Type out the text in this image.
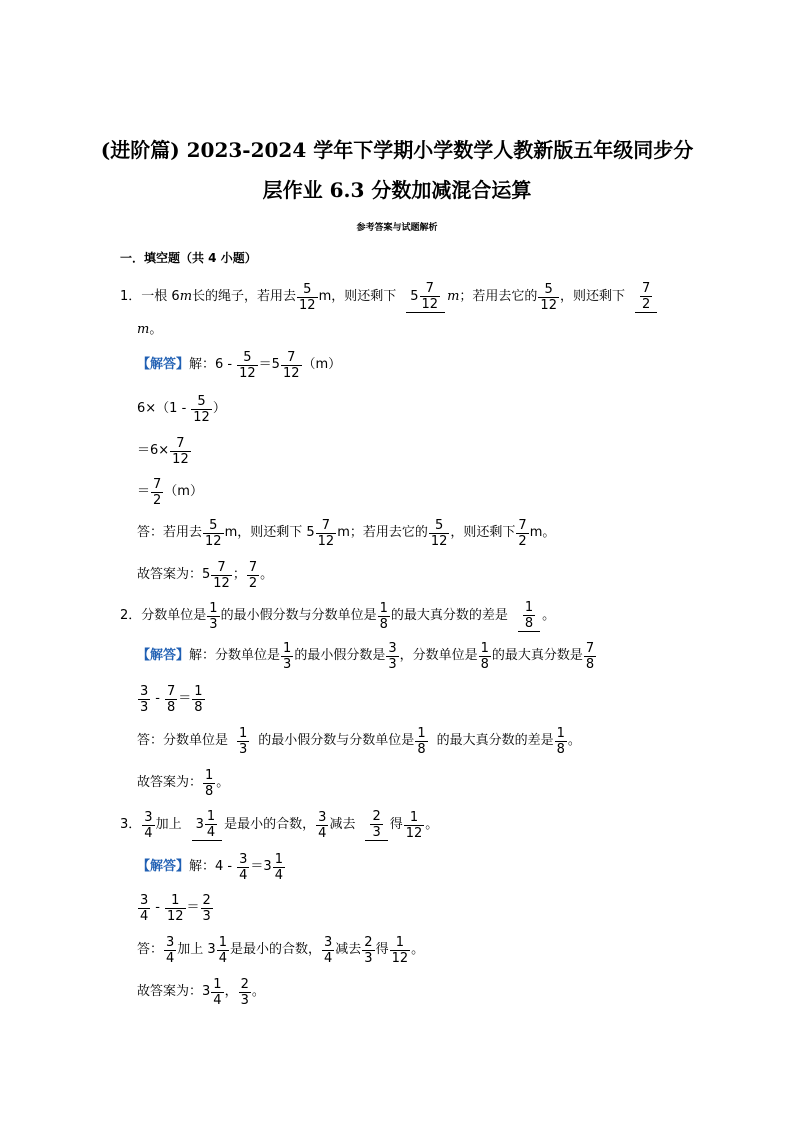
(进阶篇) 2023-2024 学年下学期小学数学人教新版五年级同步分
层作业 6.3 分数加减混合运算
参考答案与试题解析
一．填空题（共 4 小题）
1． 一根 6 m 长的绳子，若用去 $\frac{5}{12}$ m，则还剩下 $5 \frac{7}{12}$ m ；若用去它的 $\frac{5}{12}$ ，则还剩下 $\frac{7}{2}$
m 。
【解答】 解：$6 - \frac{5}{12} =5 \frac{7}{12} (m)$
$6\times(1 - \frac{5}{12}$ ）
$=6\times \frac{7}{12}$
＝ $\frac{7}{2} (m)$
答：若用去 $\frac{5}{12}$ m，则还剩下 $5 \frac{7}{12}$ m；若用去它的 $\frac{5}{12}$ ，则还剩下 $\frac{7}{2}$ m。
故答案为：$5 \frac{7}{12}$ ； $\frac{7}{2}$ 。
2． 分数单位是 $\frac{1}{3}$ 的最小假分数与分数单位是 $\frac{1}{8}$ 的最大真分数的差是 $\frac{1}{8}$ 。
【解答】 解：分数单位是 $\frac{1}{3}$ 的最小假分数是 $\frac{3}{3}$ ，分数单位是 $\frac{1}{8}$ 的最大真分数是 $\frac{7}{8}$
$\frac{3}{3} - \frac{7}{8} = \frac{1}{8}$
答：分数单位是 $\frac{1}{3}$ 的最小假分数与分数单位是 $\frac{1}{8}$ 的最大真分数的差是 $\frac{1}{8}$ 。
故答案为： $\frac{1}{8}$ 。
3． $\frac{3}{4}$ 加上 $3 \frac{1}{4}$ 是最小的合数， $\frac{3}{4}$ 减去 $\frac{2}{3}$ 得 $\frac{1}{12}$ 。
【解答】 解：$4 - \frac{3}{4} =3 \frac{1}{4}$
$\frac{3}{4} - \frac{1}{12} = \frac{2}{3}$
答： $\frac{3}{4}$ 加上 $3 \frac{1}{4}$ 是最小的合数， $\frac{3}{4}$ 减去 $\frac{2}{3}$ 得 $\frac{1}{12}$ 。
故答案为：$3 \frac{1}{4}$ ， $\frac{2}{3}$ 。
